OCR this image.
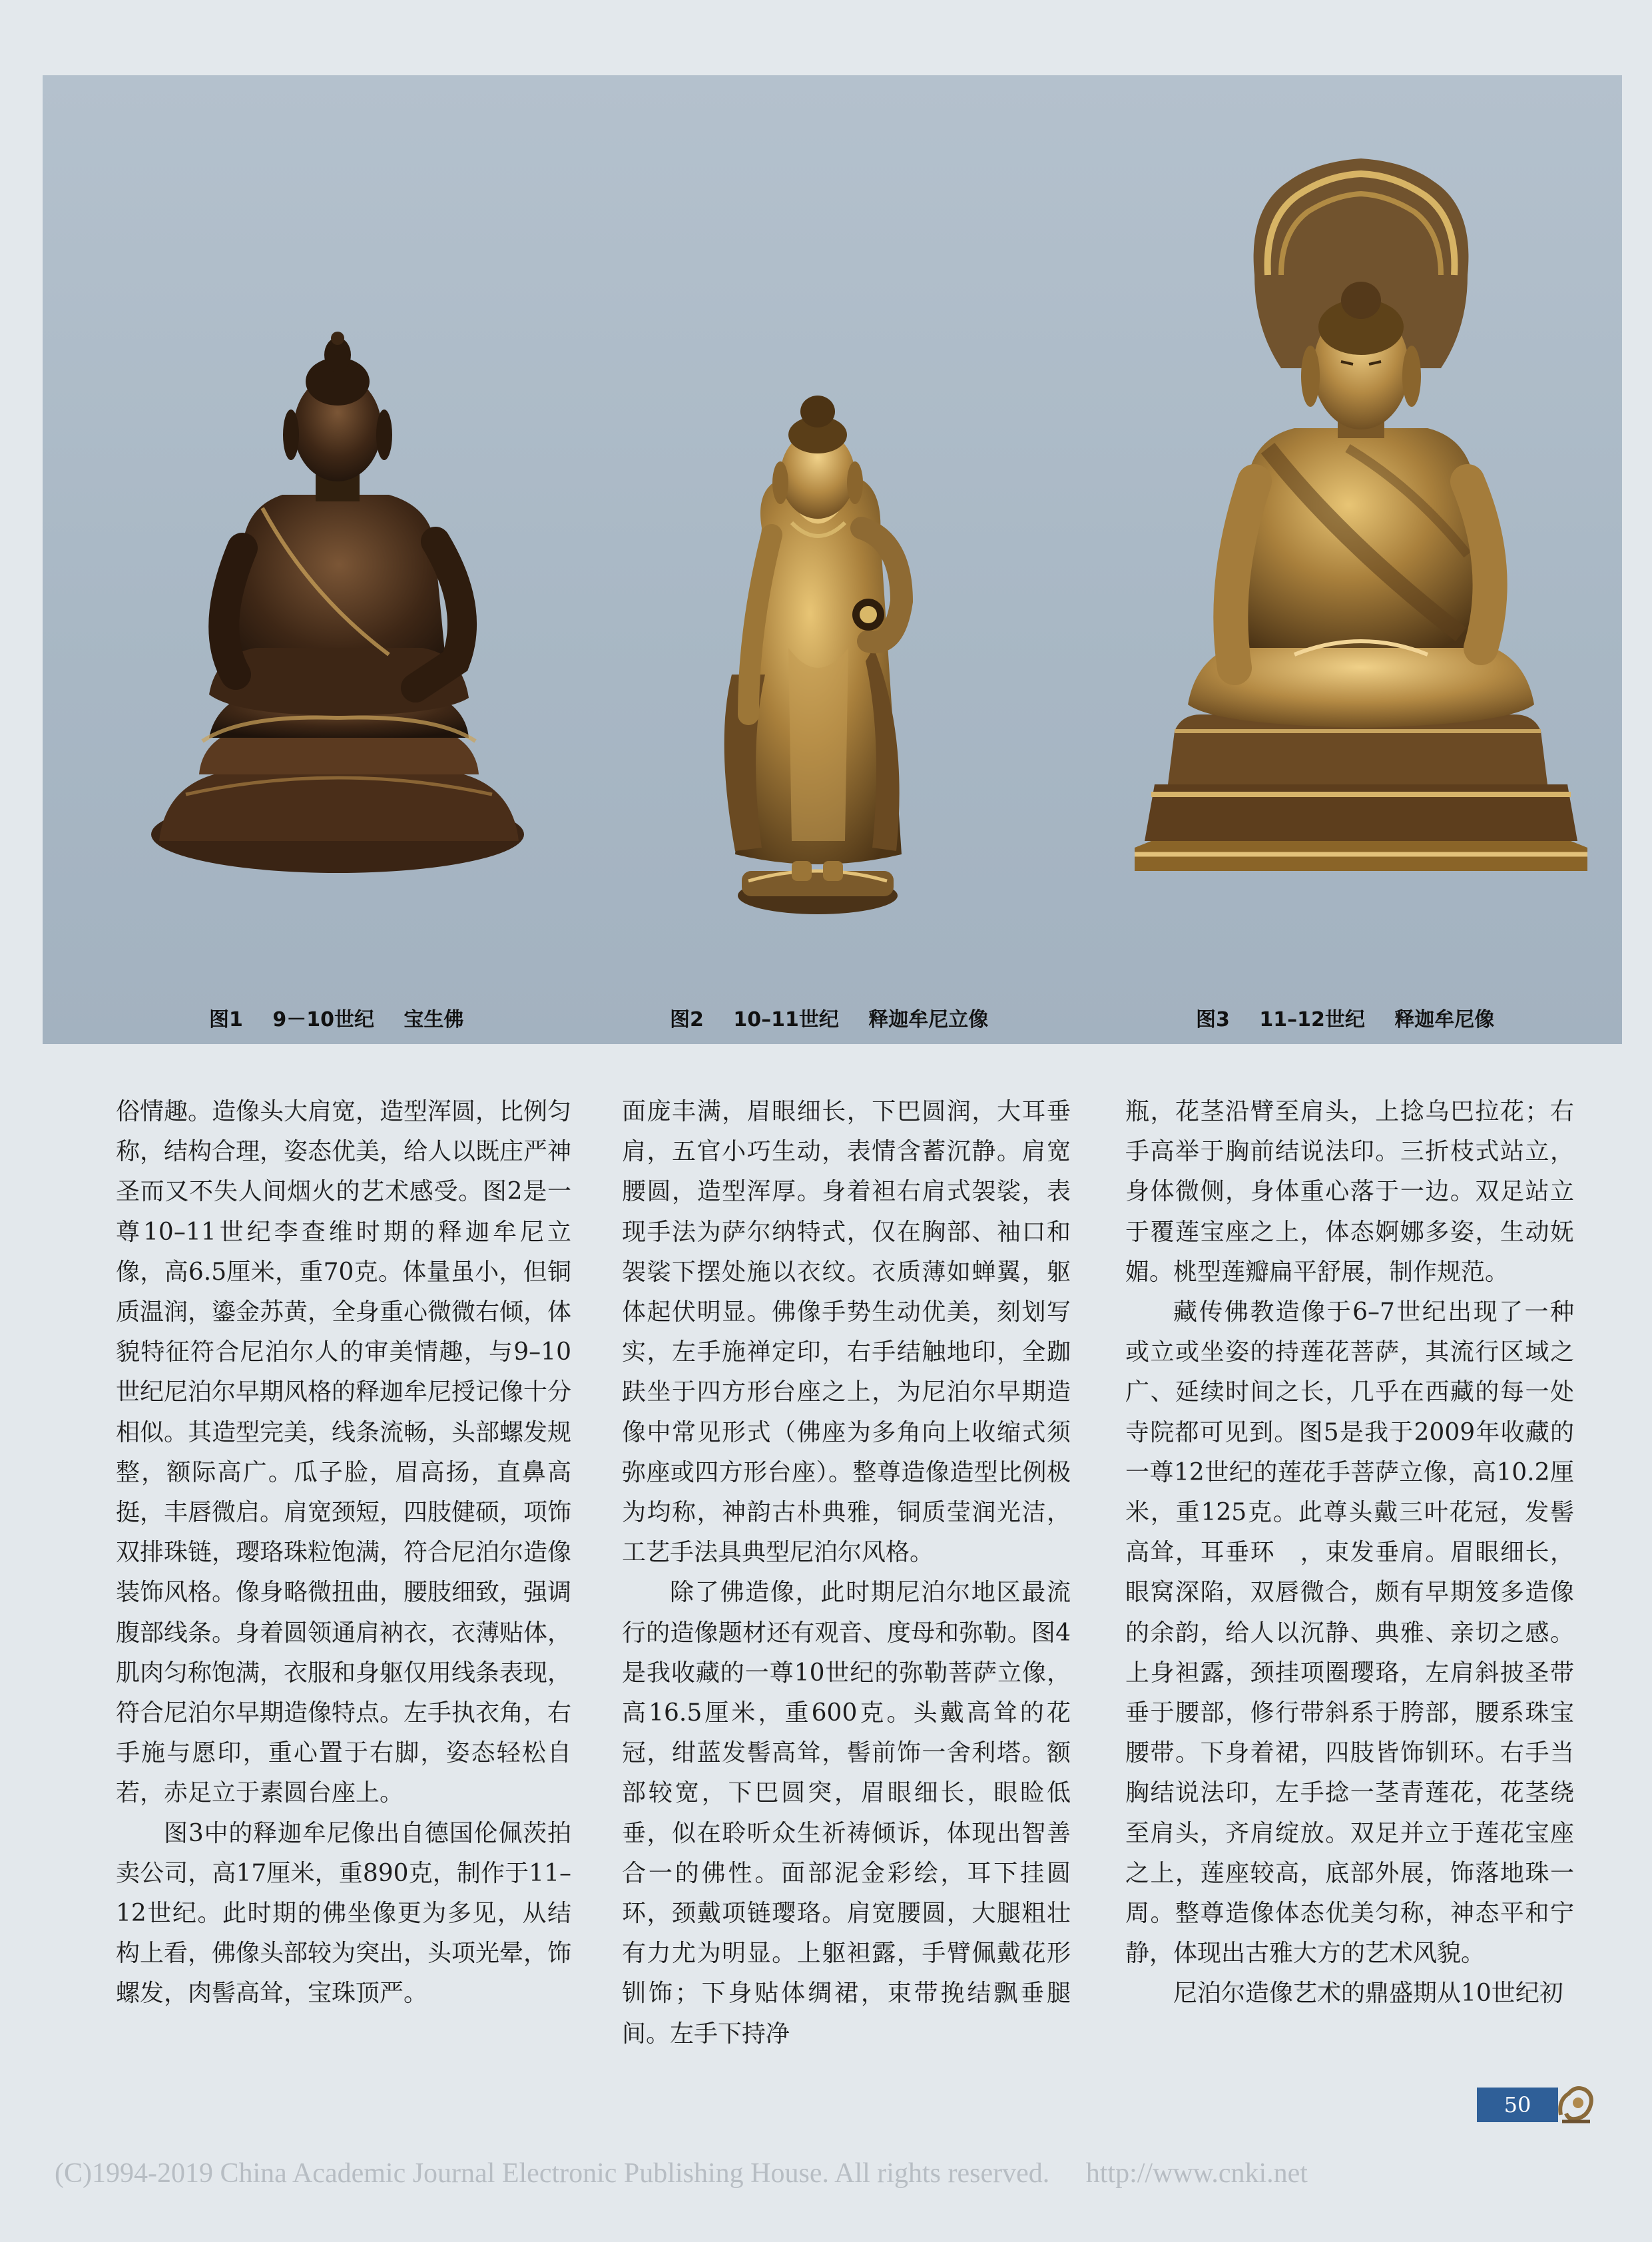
图1 9－10世纪 宝生佛	图2 10–11世纪 释迦牟尼立像	图3 11–12世纪 释迦牟尼像

俗情趣。造像头大肩宽，造型浑圆，比例匀称，结构合理，姿态优美，给人以既庄严神圣而又不失人间烟火的艺术感受。图2是一尊10–11世纪李查维时期的释迦牟尼立像，高6.5厘米，重70克。体量虽小，但铜质温润，鎏金苏黄，全身重心微微右倾，体貌特征符合尼泊尔人的审美情趣，与9–10世纪尼泊尔早期风格的释迦牟尼授记像十分相似。其造型完美，线条流畅，头部螺发规整，额际高广。瓜子脸，眉高扬，直鼻高挺，丰唇微启。肩宽颈短，四肢健硕，项饰双排珠链，璎珞珠粒饱满，符合尼泊尔造像装饰风格。像身略微扭曲，腰肢细致，强调腹部线条。身着圆领通肩衲衣，衣薄贴体，肌肉匀称饱满，衣服和身躯仅用线条表现，符合尼泊尔早期造像特点。左手执衣角，右手施与愿印，重心置于右脚，姿态轻松自若，赤足立于素圆台座上。

图3中的释迦牟尼像出自德国伦佩茨拍卖公司，高17厘米，重890克，制作于11–12世纪。此时期的佛坐像更为多见，从结构上看，佛像头部较为突出，头项光晕，饰螺发，肉髻高耸，宝珠顶严。

面庞丰满，眉眼细长，下巴圆润，大耳垂肩，五官小巧生动，表情含蓄沉静。肩宽腰圆，造型浑厚。身着袒右肩式袈裟，表现手法为萨尔纳特式，仅在胸部、袖口和袈裟下摆处施以衣纹。衣质薄如蝉翼，躯体起伏明显。佛像手势生动优美，刻划写实，左手施禅定印，右手结触地印，全跏趺坐于四方形台座之上，为尼泊尔早期造像中常见形式（佛座为多角向上收缩式须弥座或四方形台座）。整尊造像造型比例极为均称，神韵古朴典雅，铜质莹润光洁，工艺手法具典型尼泊尔风格。

除了佛造像，此时期尼泊尔地区最流行的造像题材还有观音、度母和弥勒。图4是我收藏的一尊10世纪的弥勒菩萨立像，高16.5厘米，重600克。头戴高耸的花冠，绀蓝发髻高耸，髻前饰一舍利塔。额部较宽，下巴圆突，眉眼细长，眼睑低垂，似在聆听众生祈祷倾诉，体现出智善合一的佛性。面部泥金彩绘，耳下挂圆环，颈戴项链璎珞。肩宽腰圆，大腿粗壮有力尤为明显。上躯袒露，手臂佩戴花形钏饰；下身贴体绸裙，束带挽结飘垂腿间。左手下持净

瓶，花茎沿臂至肩头，上捻乌巴拉花；右手高举于胸前结说法印。三折枝式站立，身体微侧，身体重心落于一边。双足站立于覆莲宝座之上，体态婀娜多姿，生动妩媚。桃型莲瓣扁平舒展，制作规范。

藏传佛教造像于6–7世纪出现了一种或立或坐姿的持莲花菩萨，其流行区域之广、延续时间之长，几乎在西藏的每一处寺院都可见到。图5是我于2009年收藏的一尊12世纪的莲花手菩萨立像，高10.2厘米，重125克。此尊头戴三叶花冠，发髻高耸，耳垂环　，束发垂肩。眉眼细长，眼窝深陷，双唇微合，颇有早期笈多造像的余韵，给人以沉静、典雅、亲切之感。上身袒露，颈挂项圈璎珞，左肩斜披圣带垂于腰部，修行带斜系于胯部，腰系珠宝腰带。下身着裙，四肢皆饰钏环。右手当胸结说法印，左手捻一茎青莲花，花茎绕至肩头，齐肩绽放。双足并立于莲花宝座之上，莲座较高，底部外展，饰落地珠一周。整尊造像体态优美匀称，神态平和宁静，体现出古雅大方的艺术风貌。

尼泊尔造像艺术的鼎盛期从10世纪初

50
(C)1994-2019 China Academic Journal Electronic Publishing House. All rights reserved. http://www.cnki.net
